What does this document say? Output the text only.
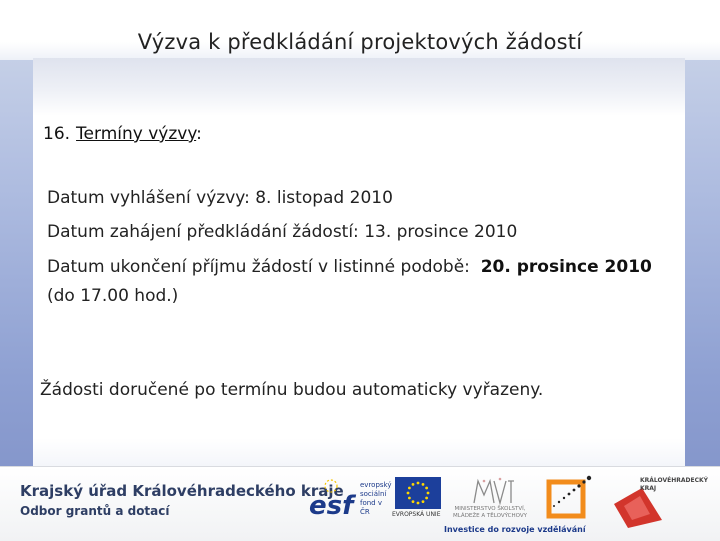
Výzva k předkládání projektových žádostí
16. Termíny výzvy:
Datum vyhlášení výzvy: 8. listopad 2010
Datum zahájení předkládání žádostí: 13. prosince 2010
Datum ukončení příjmu žádostí v listinné podobě:  20. prosince 2010
(do 17.00 hod.)
Žádosti doručené po termínu budou automaticky vyřazeny.
Krajský úřad Královéhradeckého kraje
Odbor grantů a dotací	esf
evropský sociální fond v ČR	EVROPSKÁ UNIE
MINISTERSTVO ŠKOLSTVÍ, MLÁDEŽE A TĚLOVÝCHOVY
Investice do rozvoje vzdělávání
KRÁLOVÉHRADECKÝ KRAJ
